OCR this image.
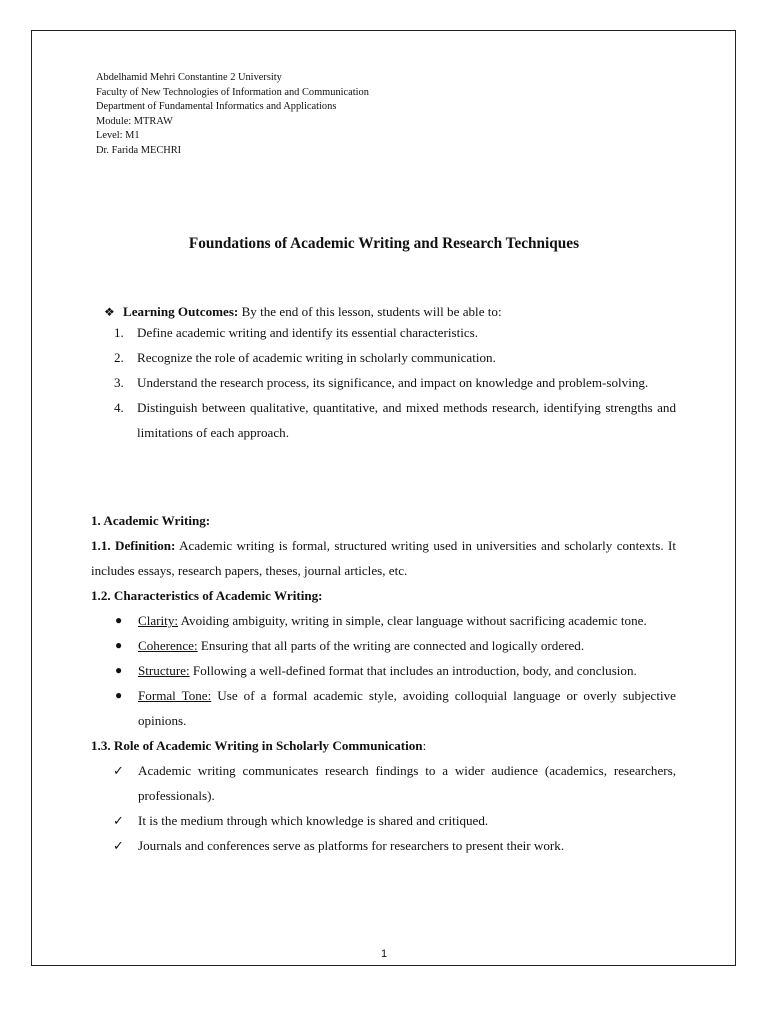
Abdelhamid Mehri Constantine 2 University
Faculty of New Technologies of Information and Communication
Department of Fundamental Informatics and Applications
Module: MTRAW
Level: M1
Dr. Farida MECHRI
Foundations of Academic Writing and Research Techniques
❖ Learning Outcomes: By the end of this lesson, students will be able to:
1. Define academic writing and identify its essential characteristics.
2. Recognize the role of academic writing in scholarly communication.
3. Understand the research process, its significance, and impact on knowledge and problem-solving.
4. Distinguish between qualitative, quantitative, and mixed methods research, identifying strengths and limitations of each approach.
1. Academic Writing:
1.1. Definition: Academic writing is formal, structured writing used in universities and scholarly contexts. It includes essays, research papers, theses, journal articles, etc.
1.2. Characteristics of Academic Writing:
● Clarity: Avoiding ambiguity, writing in simple, clear language without sacrificing academic tone.
● Coherence: Ensuring that all parts of the writing are connected and logically ordered.
● Structure: Following a well-defined format that includes an introduction, body, and conclusion.
● Formal Tone: Use of a formal academic style, avoiding colloquial language or overly subjective opinions.
1.3. Role of Academic Writing in Scholarly Communication:
✓ Academic writing communicates research findings to a wider audience (academics, researchers, professionals).
✓ It is the medium through which knowledge is shared and critiqued.
✓ Journals and conferences serve as platforms for researchers to present their work.
1
